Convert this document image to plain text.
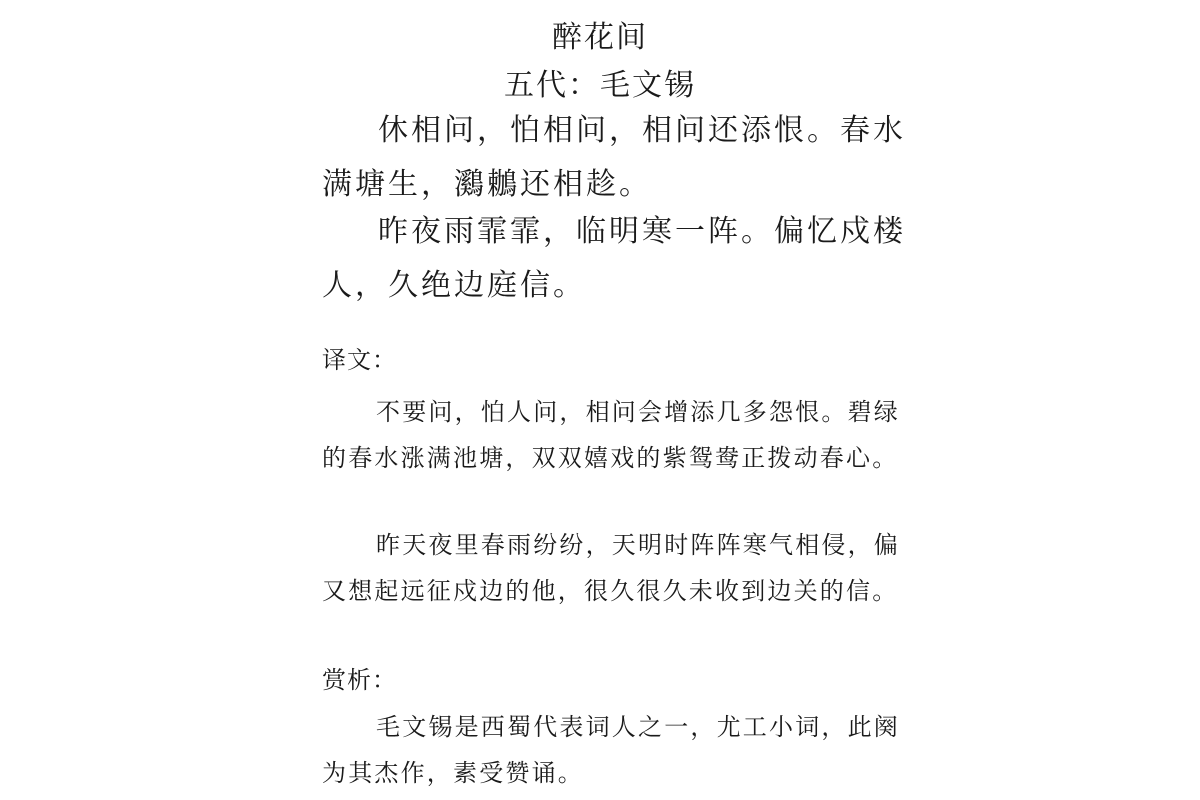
醉花间
五代：毛文锡
休相问，怕相问，相问还添恨。春水满塘生，鸂鶒还相趁。
昨夜雨霏霏，临明寒一阵。偏忆戍楼人，久绝边庭信。
译文：
不要问，怕人问，相问会增添几多怨恨。碧绿的春水涨满池塘，双双嬉戏的紫鸳鸯正拨动春心。
昨天夜里春雨纷纷，天明时阵阵寒气相侵，偏又想起远征戍边的他，很久很久未收到边关的信。
赏析：
毛文锡是西蜀代表词人之一，尤工小词，此阕为其杰作，素受赞诵。
